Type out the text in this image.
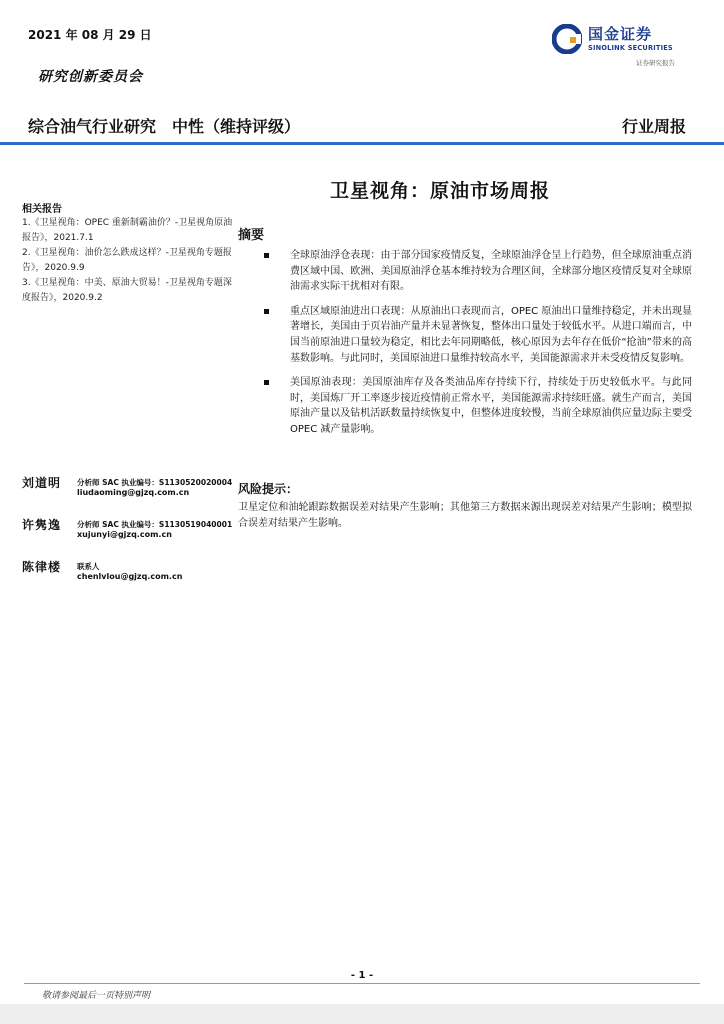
2021 年 08 月 29 日	国金证券
SINOLINK SECURITIES
证券研究报告
研究创新委员会
综合油气行业研究　中性（维持评级）	行业周报
卫星视角：原油市场周报
相关报告

1.《卫星视角：OPEC 重新制霸油价？-卫星视角原油报告》，2021.7.1

2.《卫星视角：油价怎么跌成这样？-卫星视角专题报告》，2020.9.9

3.《卫星视角：中美、原油大贸易！-卫星视角专题深度报告》，2020.9.2

摘要
全球原油浮仓表现：由于部分国家疫情反复，全球原油浮仓呈上行趋势，但全球原油重点消费区域中国、欧洲、美国原油浮仓基本维持较为合理区间，全球部分地区疫情反复对全球原油需求实际干扰相对有限。
重点区域原油进出口表现：从原油出口表现而言，OPEC 原油出口量维持稳定，并未出现显著增长，美国由于页岩油产量并未显著恢复，整体出口量处于较低水平。从进口端而言，中国当前原油进口量较为稳定，相比去年同期略低，核心原因为去年存在低价“抢油”带来的高基数影响。与此同时，美国原油进口量维持较高水平，美国能源需求并未受疫情反复影响。
美国原油表现：美国原油库存及各类油品库存持续下行，持续处于历史较低水平。与此同时，美国炼厂开工率逐步接近疫情前正常水平，美国能源需求持续旺盛。就生产而言，美国原油产量以及钻机活跃数量持续恢复中，但整体进度较慢，当前全球原油供应量边际主要受 OPEC 减产量影响。
刘道明 分析师 SAC 执业编号：S1130520020004
liudaoming@gjzq.com.cn
许隽逸 分析师 SAC 执业编号：S1130519040001
xujunyi@gjzq.com.cn
陈律楼 联系人
chenlvlou@gjzq.com.cn
风险提示：
卫星定位和油轮跟踪数据误差对结果产生影响；其他第三方数据来源出现误差对结果产生影响；模型拟合误差对结果产生影响。
- 1 -
敬请参阅最后一页特别声明
